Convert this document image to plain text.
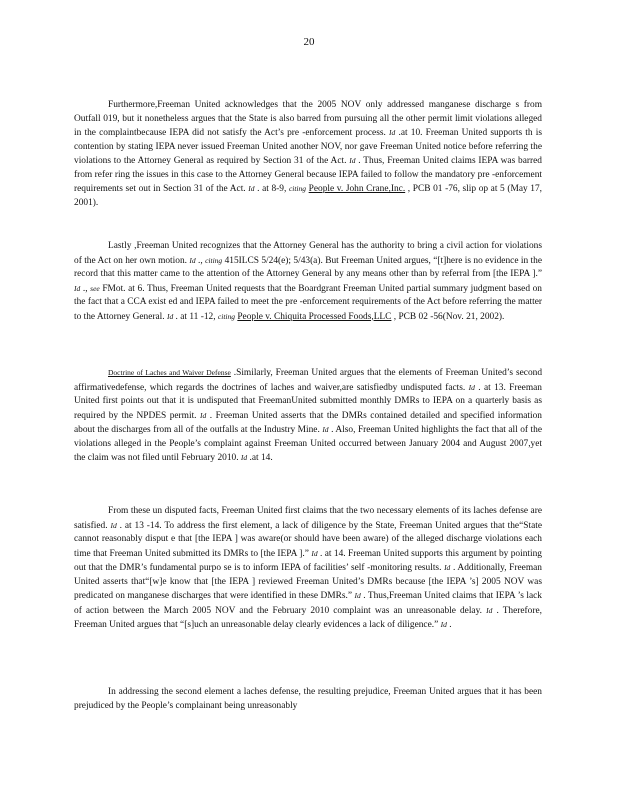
20

Furthermore,Freeman United acknowledges that the 2005 NOV only addressed manganese discharge s from Outfall 019, but it nonetheless argues that the State is also barred from pursuing all the other permit limit violations alleged in the complaintbecause IEPA did not satisfy the Act’s pre -enforcement process. Id .at 10. Freeman United supports th is contention by stating IEPA never issued Freeman United another NOV, nor gave Freeman United notice before referring the violations to the Attorney General as required by Section 31 of the Act. Id . Thus, Freeman United claims IEPA was barred from refer ring the issues in this case to the Attorney General because IEPA failed to follow the mandatory pre -enforcement requirements set out in Section 31 of the Act. Id . at 8-9, citing People v. John Crane,Inc. , PCB 01 -76, slip op at 5 (May 17, 2001).

Lastly ,Freeman United recognizes that the Attorney General has the authority to bring a civil action for violations of the Act on her own motion. Id ., citing 415ILCS 5/24(e); 5/43(a). But Freeman United argues, “[t]here is no evidence in the record that this matter came to the attention of the Attorney General by any means other than by referral from [the IEPA ].” Id ., see FMot. at 6. Thus, Freeman United requests that the Boardgrant Freeman United partial summary judgment based on the fact that a CCA exist ed and IEPA failed to meet the pre -enforcement requirements of the Act before referring the matter to the Attorney General. Id . at 11 -12, citing People v. Chiquita Processed Foods,LLC , PCB 02 -56(Nov. 21, 2002).

Doctrine of Laches and Waiver Defense .Similarly, Freeman United argues that the elements of Freeman United’s second affirmativedefense, which regards the doctrines of laches and waiver,are satisfiedby undisputed facts. Id . at 13. Freeman United first points out that it is undisputed that FreemanUnited submitted monthly DMRs to IEPA on a quarterly basis as required by the NPDES permit. Id . Freeman United asserts that the DMRs contained detailed and specified information about the discharges from all of the outfalls at the Industry Mine. Id . Also, Freeman United highlights the fact that all of the violations alleged in the People’s complaint against Freeman United occurred between January 2004 and August 2007,yet the claim was not filed until February 2010. Id .at 14.

From these un disputed facts, Freeman United first claims that the two necessary elements of its laches defense are satisfied. Id . at 13 -14. To address the first element, a lack of diligence by the State, Freeman United argues that the“State cannot reasonably disput e that [the IEPA ] was aware(or should have been aware) of the alleged discharge violations each time that Freeman United submitted its DMRs to [the IEPA ].” Id . at 14. Freeman United supports this argument by pointing out that the DMR’s fundamental purpo se is to inform IEPA of facilities’ self -monitoring results. Id . Additionally, Freeman United asserts that“[w]e know that [the IEPA ] reviewed Freeman United’s DMRs because [the IEPA ’s] 2005 NOV was predicated on manganese discharges that were identified in these DMRs.” Id . Thus,Freeman United claims that IEPA ’s lack of action between the March 2005 NOV and the February 2010 complaint was an unreasonable delay. Id . Therefore, Freeman United argues that “[s]uch an unreasonable delay clearly evidences a lack of diligence.” Id .

In addressing the second element a laches defense, the resulting prejudice, Freeman United argues that it has been prejudiced by the People’s complainant being unreasonably
